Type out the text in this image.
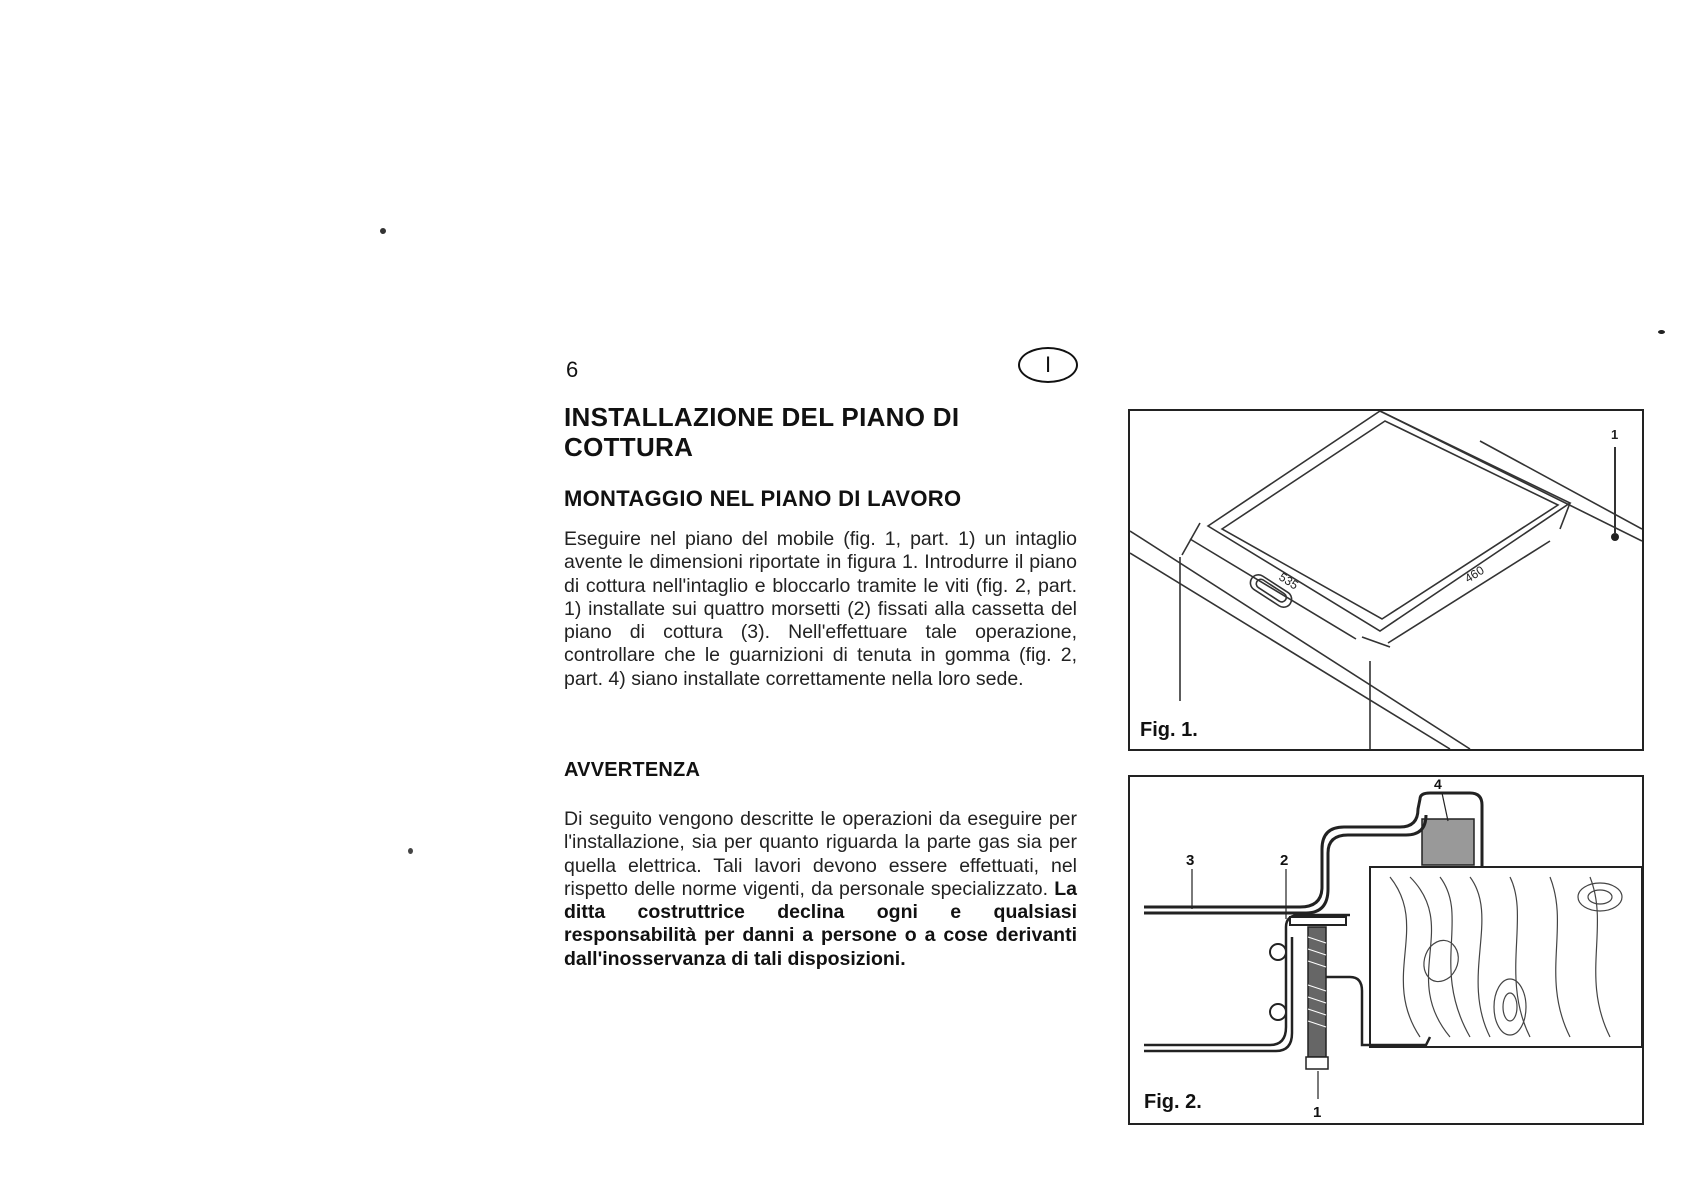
6	I
INSTALLAZIONE DEL PIANO DI COTTURA
MONTAGGIO NEL PIANO DI LAVORO

Eseguire nel piano del mobile (fig. 1, part. 1) un intaglio avente le dimensioni riportate in figura 1. Introdurre il piano di cottura nell'intaglio e bloccarlo tramite le viti (fig. 2, part. 1) installate sui quattro morsetti (2) fissati alla cassetta del piano di cottura (3). Nell'effettuare tale operazione, controllare che le guarnizioni di tenuta in gomma (fig. 2, part. 4) siano installate correttamente nella loro sede.

AVVERTENZA

Di seguito vengono descritte le operazioni da eseguire per l'installazione, sia per quanto riguarda la parte gas sia per quella elettrica. Tali lavori devono essere effettuati, nel rispetto delle norme vigenti, da personale specializzato. La ditta costruttrice declina ogni e qualsiasi responsabilità per danni a persone o a cose derivanti dall'inosservanza di tali disposizioni.

535	460
1
Fig. 1.
3	2
4
1
Fig. 2.
